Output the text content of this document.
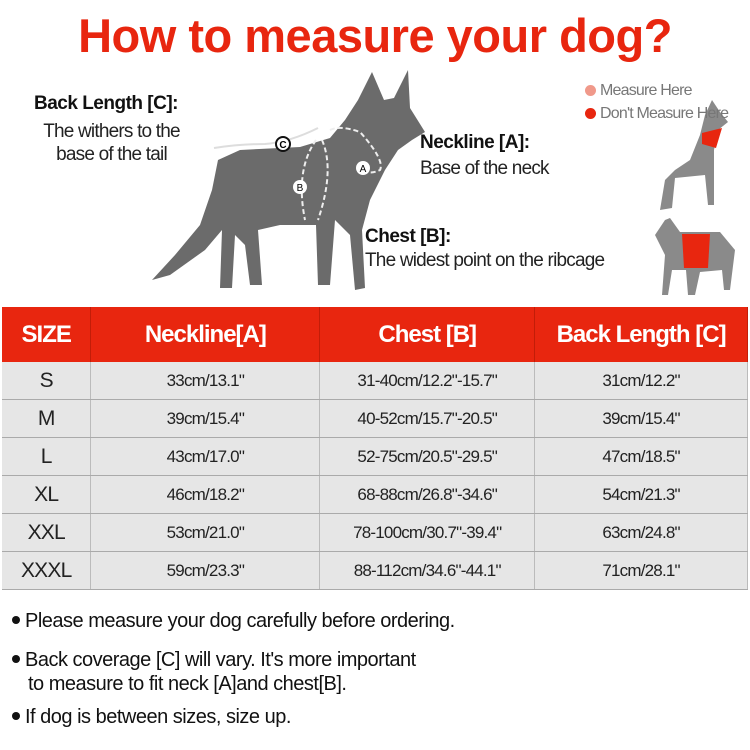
How to measure your dog?
Back Length [C]:
The withers to the
base of the tail
Neckline [A]:
Base of the neck
Chest [B]:
The widest point on the ribcage
C
A
B
Measure Here
Don't Measure Here
SIZE	Neckline[A]	Chest [B]	Back Length [C]
S	33cm/13.1"	31-40cm/12.2"-15.7"	31cm/12.2"
M	39cm/15.4"	40-52cm/15.7"-20.5"	39cm/15.4"
L	43cm/17.0"	52-75cm/20.5"-29.5"	47cm/18.5"
XL	46cm/18.2"	68-88cm/26.8"-34.6"	54cm/21.3"
XXL	53cm/21.0"	78-100cm/30.7"-39.4"	63cm/24.8"
XXXL	59cm/23.3"	88-112cm/34.6"-44.1"	71cm/28.1"
Please measure your dog carefully before ordering.
Back coverage [C] will vary. It's more important
to measure to fit neck [A]and chest[B].
If dog is between sizes, size up.
